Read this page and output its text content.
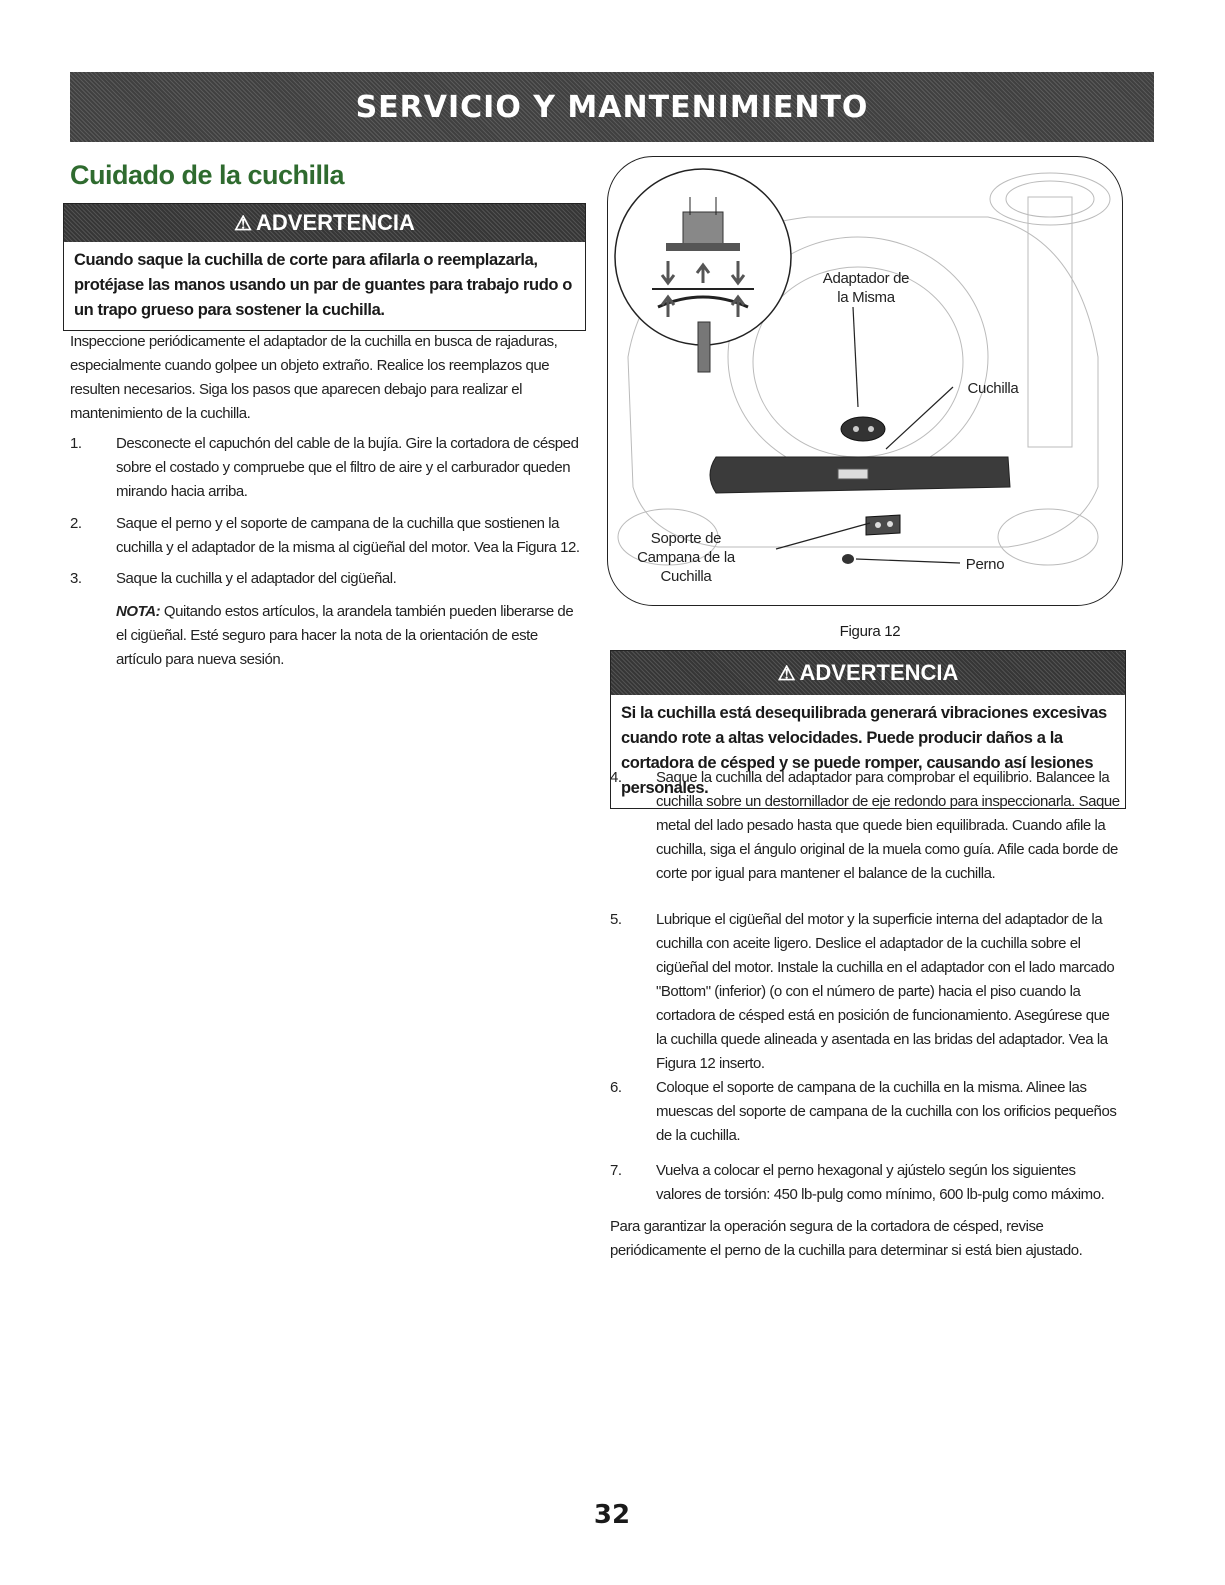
SERVICIO Y MANTENIMIENTO
Cuidado de la cuchilla
⚠ ADVERTENCIA
Cuando saque la cuchilla de corte para afilarla o reemplazarla, protéjase las manos usando un par de guantes para trabajo rudo o un trapo grueso para sostener la cuchilla.
Inspeccione periódicamente el adaptador de la cuchilla en busca de rajaduras, especialmente cuando golpee un objeto extraño. Realice los reemplazos que resulten necesarios. Siga los pasos que aparecen debajo para realizar el mantenimiento de la cuchilla.
1.	Desconecte el capuchón del cable de la bujía. Gire la cortadora de césped sobre el costado y compruebe que el filtro de aire y el carburador queden mirando hacia arriba.
2.	Saque el perno y el soporte de campana de la cuchilla que sostienen la cuchilla y el adaptador de la misma al cigüeñal del motor. Vea la Figura 12.
3.	Saque la cuchilla y el adaptador del cigüeñal.
NOTA: Quitando estos artículos, la arandela también pueden liberarse de el cigüeñal. Esté seguro para hacer la nota de la orientación de este artículo para nueva sesión.
Adaptador de la Misma
Cuchilla
Soporte de Campana de la Cuchilla
Perno
Figura 12
⚠ ADVERTENCIA
Si la cuchilla está desequilibrada generará vibraciones excesivas cuando rote a altas velocidades. Puede producir daños a la cortadora de césped y se puede romper, causando así lesiones personales.
4.	Saque la cuchilla del adaptador para comprobar el equilibrio. Balancee la cuchilla sobre un destornillador de eje redondo para inspeccionarla. Saque metal del lado pesado hasta que quede bien equilibrada. Cuando afile la cuchilla, siga el ángulo original de la muela como guía. Afile cada borde de corte por igual para mantener el balance de la cuchilla.
5.	Lubrique el cigüeñal del motor y la superficie interna del adaptador de la cuchilla con aceite ligero. Deslice el adaptador de la cuchilla sobre el cigüeñal del motor. Instale la cuchilla en el adaptador con el lado marcado "Bottom" (inferior) (o con el número de parte) hacia el piso cuando la cortadora de césped está en posición de funcionamiento. Asegúrese que la cuchilla quede alineada y asentada en las bridas del adaptador. Vea la Figura 12 inserto.
6.	Coloque el soporte de campana de la cuchilla en la misma. Alinee las muescas del soporte de campana de la cuchilla con los orificios pequeños de la cuchilla.
7.	Vuelva a colocar el perno hexagonal y ajústelo según los siguientes valores de torsión: 450 lb-pulg como mínimo, 600 lb-pulg como máximo.
Para garantizar la operación segura de la cortadora de césped, revise periódicamente el perno de la cuchilla para determinar si está bien ajustado.
32
